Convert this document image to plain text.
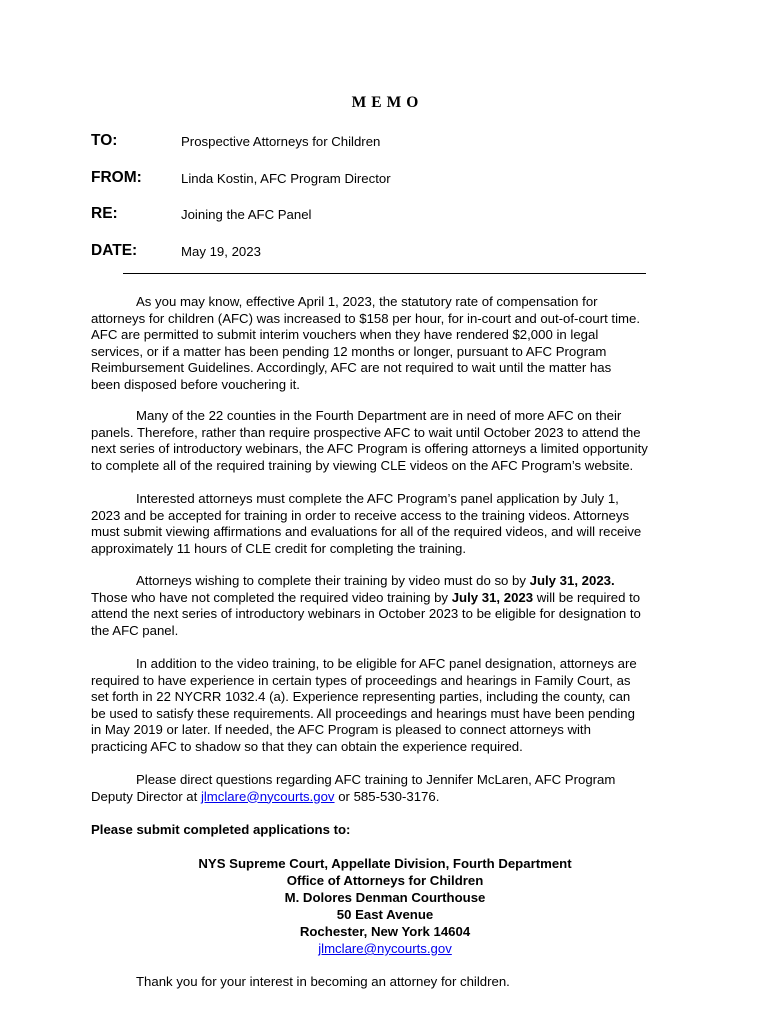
MEMO
TO:	Prospective Attorneys for Children
FROM:	Linda Kostin, AFC Program Director
RE:	Joining the AFC Panel
DATE:	May 19, 2023
As you may know, effective April 1, 2023, the statutory rate of compensation for
attorneys for children (AFC) was increased to $158 per hour, for in-court and out-of-court time.
AFC are permitted to submit interim vouchers when they have rendered $2,000 in legal
services, or if a matter has been pending 12 months or longer, pursuant to AFC Program
Reimbursement Guidelines. Accordingly, AFC are not required to wait until the matter has
been disposed before vouchering it.
Many of the 22 counties in the Fourth Department are in need of more AFC on their
panels. Therefore, rather than require prospective AFC to wait until October 2023 to attend the
next series of introductory webinars, the AFC Program is offering attorneys a limited opportunity
to complete all of the required training by viewing CLE videos on the AFC Program’s website.
Interested attorneys must complete the AFC Program’s panel application by July 1,
2023 and be accepted for training in order to receive access to the training videos. Attorneys
must submit viewing affirmations and evaluations for all of the required videos, and will receive
approximately 11 hours of CLE credit for completing the training.
Attorneys wishing to complete their training by video must do so by July 31, 2023.
Those who have not completed the required video training by July 31, 2023 will be required to
attend the next series of introductory webinars in October 2023 to be eligible for designation to
the AFC panel.
In addition to the video training, to be eligible for AFC panel designation, attorneys are
required to have experience in certain types of proceedings and hearings in Family Court, as
set forth in 22 NYCRR 1032.4 (a). Experience representing parties, including the county, can
be used to satisfy these requirements. All proceedings and hearings must have been pending
in May 2019 or later. If needed, the AFC Program is pleased to connect attorneys with
practicing AFC to shadow so that they can obtain the experience required.
Please direct questions regarding AFC training to Jennifer McLaren, AFC Program
Deputy Director at jlmclare@nycourts.gov or 585-530-3176.
Please submit completed applications to:
NYS Supreme Court, Appellate Division, Fourth Department
Office of Attorneys for Children
M. Dolores Denman Courthouse
50 East Avenue
Rochester, New York 14604
jlmclare@nycourts.gov
Thank you for your interest in becoming an attorney for children.
